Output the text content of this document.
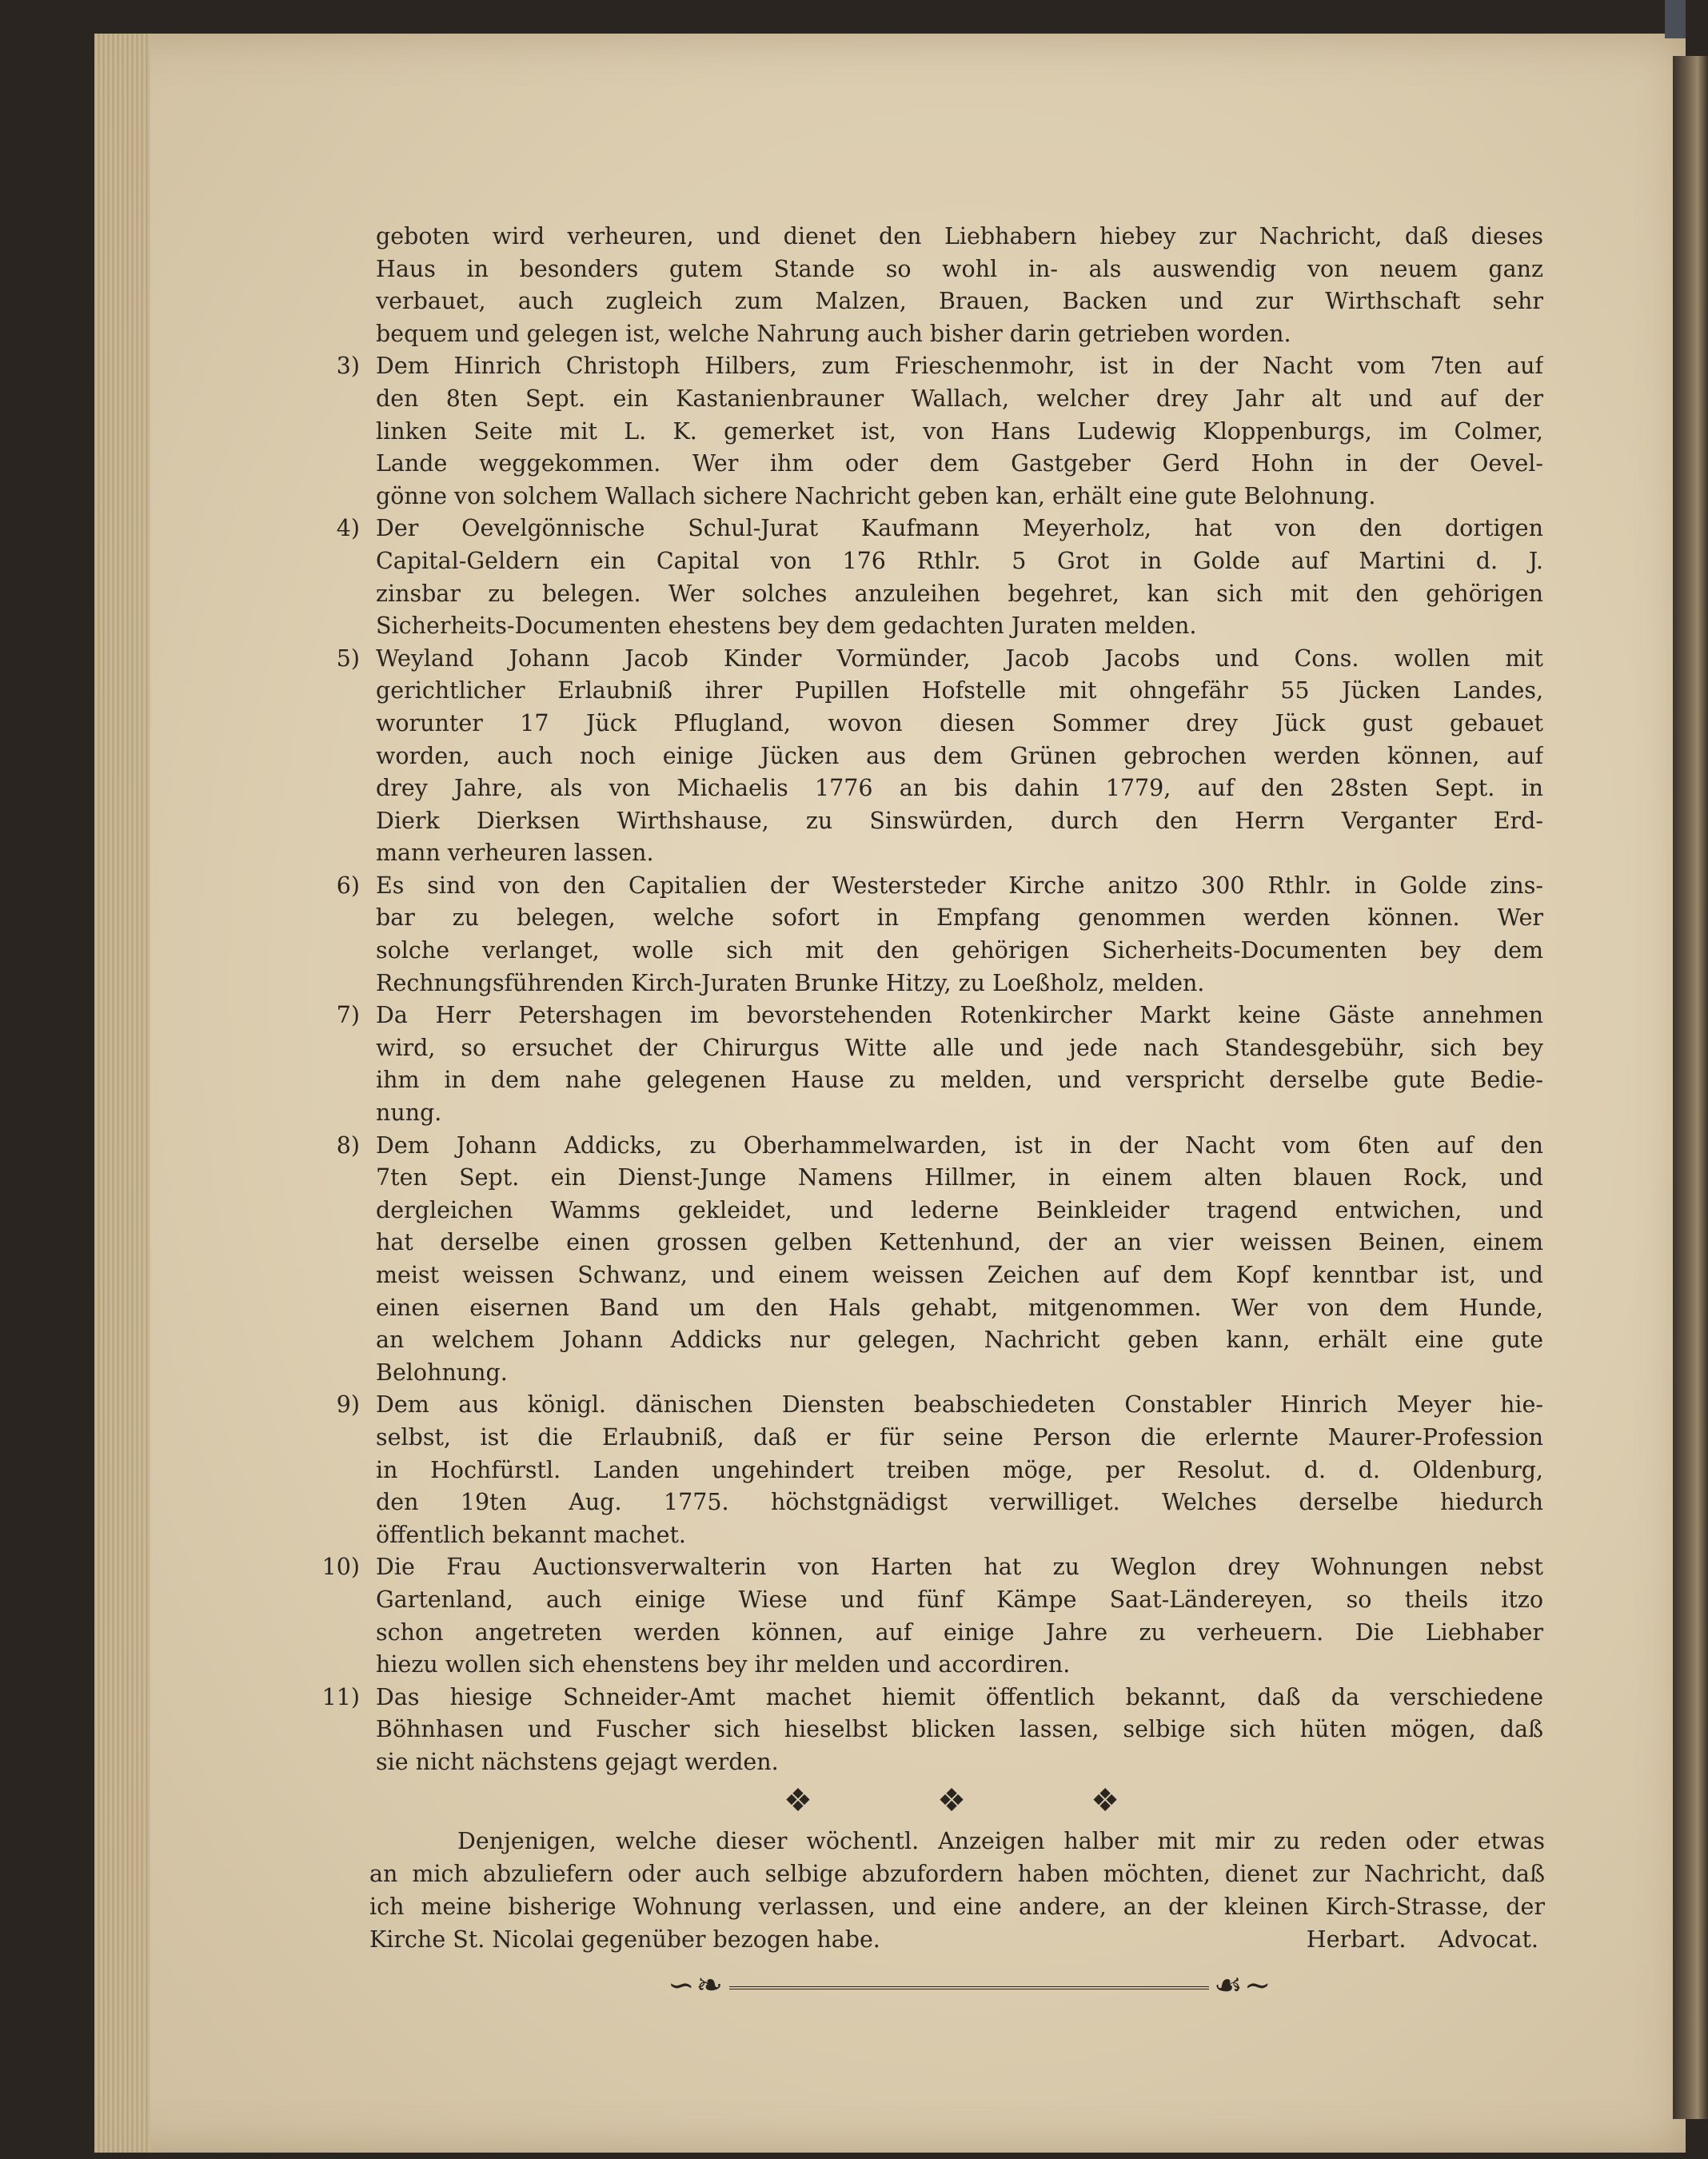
geboten wird verheuren, und dienet den Liebhabern hiebey zur Nachricht, daß dieses
Haus in besonders gutem Stande so wohl in- als auswendig von neuem ganz
verbauet, auch zugleich zum Malzen, Brauen, Backen und zur Wirthschaft sehr
bequem und gelegen ist, welche Nahrung auch bisher darin getrieben worden.
3) Dem Hinrich Christoph Hilbers, zum Frieschenmohr, ist in der Nacht vom 7ten auf
den 8ten Sept. ein Kastanienbrauner Wallach, welcher drey Jahr alt und auf der
linken Seite mit L. K. gemerket ist, von Hans Ludewig Kloppenburgs, im Colmer,
Lande weggekommen. Wer ihm oder dem Gastgeber Gerd Hohn in der Oevel-
gönne von solchem Wallach sichere Nachricht geben kan, erhält eine gute Belohnung.
4) Der Oevelgönnische Schul-Jurat Kaufmann Meyerholz, hat von den dortigen
Capital-Geldern ein Capital von 176 Rthlr. 5 Grot in Golde auf Martini d. J.
zinsbar zu belegen. Wer solches anzuleihen begehret, kan sich mit den gehörigen
Sicherheits-Documenten ehestens bey dem gedachten Juraten melden.
5) Weyland Johann Jacob Kinder Vormünder, Jacob Jacobs und Cons. wollen mit
gerichtlicher Erlaubniß ihrer Pupillen Hofstelle mit ohngefähr 55 Jücken Landes,
worunter 17 Jück Pflugland, wovon diesen Sommer drey Jück gust gebauet
worden, auch noch einige Jücken aus dem Grünen gebrochen werden können, auf
drey Jahre, als von Michaelis 1776 an bis dahin 1779, auf den 28sten Sept. in
Dierk Dierksen Wirthshause, zu Sinswürden, durch den Herrn Verganter Erd-
mann verheuren lassen.
6) Es sind von den Capitalien der Westersteder Kirche anitzo 300 Rthlr. in Golde zins-
bar zu belegen, welche sofort in Empfang genommen werden können. Wer
solche verlanget, wolle sich mit den gehörigen Sicherheits-Documenten bey dem
Rechnungsführenden Kirch-Juraten Brunke Hitzy, zu Loeßholz, melden.
7) Da Herr Petershagen im bevorstehenden Rotenkircher Markt keine Gäste annehmen
wird, so ersuchet der Chirurgus Witte alle und jede nach Standesgebühr, sich bey
ihm in dem nahe gelegenen Hause zu melden, und verspricht derselbe gute Bedie-
nung.
8) Dem Johann Addicks, zu Oberhammelwarden, ist in der Nacht vom 6ten auf den
7ten Sept. ein Dienst-Junge Namens Hillmer, in einem alten blauen Rock, und
dergleichen Wamms gekleidet, und lederne Beinkleider tragend entwichen, und
hat derselbe einen grossen gelben Kettenhund, der an vier weissen Beinen, einem
meist weissen Schwanz, und einem weissen Zeichen auf dem Kopf kenntbar ist, und
einen eisernen Band um den Hals gehabt, mitgenommen. Wer von dem Hunde,
an welchem Johann Addicks nur gelegen, Nachricht geben kann, erhält eine gute
Belohnung.
9) Dem aus königl. dänischen Diensten beabschiedeten Constabler Hinrich Meyer hie-
selbst, ist die Erlaubniß, daß er für seine Person die erlernte Maurer-Profession
in Hochfürstl. Landen ungehindert treiben möge, per Resolut. d. d. Oldenburg,
den 19ten Aug. 1775. höchstgnädigst verwilliget. Welches derselbe hiedurch
öffentlich bekannt machet.
10) Die Frau Auctionsverwalterin von Harten hat zu Weglon drey Wohnungen nebst
Gartenland, auch einige Wiese und fünf Kämpe Saat-Ländereyen, so theils itzo
schon angetreten werden können, auf einige Jahre zu verheuern. Die Liebhaber
hiezu wollen sich ehenstens bey ihr melden und accordiren.
11) Das hiesige Schneider-Amt machet hiemit öffentlich bekannt, daß da verschiedene
Böhnhasen und Fuscher sich hieselbst blicken lassen, selbige sich hüten mögen, daß
sie nicht nächstens gejagt werden.
❖	❖	❖
Denjenigen, welche dieser wöchentl. Anzeigen halber mit mir zu reden oder etwas
an mich abzuliefern oder auch selbige abzufordern haben möchten, dienet zur Nachricht, daß
ich meine bisherige Wohnung verlassen, und eine andere, an der kleinen Kirch-Strasse, der
Kirche St. Nicolai gegenüber bezogen habe.	Herbart. Advocat.
∽❧	☙∼
